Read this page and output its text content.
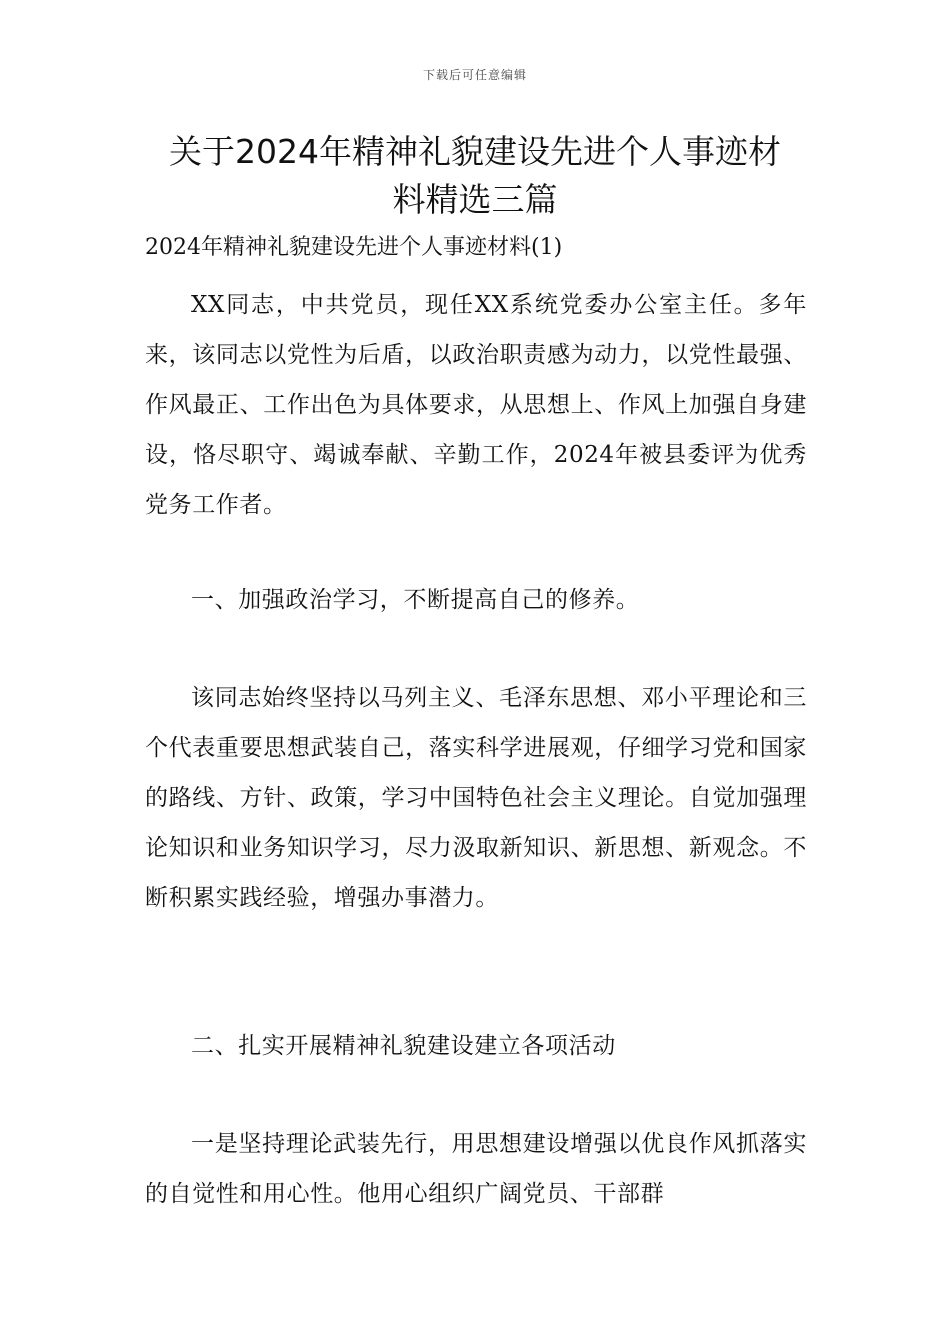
下载后可任意编辑
关于2024年精神礼貌建设先进个人事迹材
料精选三篇
2024年精神礼貌建设先进个人事迹材料(1)

XX同志，中共党员，现任XX系统党委办公室主任。多年来，该同志以党性为后盾，以政治职责感为动力，以党性最强、作风最正、工作出色为具体要求，从思想上、作风上加强自身建设，恪尽职守、竭诚奉献、辛勤工作，2024年被县委评为优秀党务工作者。

一、加强政治学习，不断提高自己的修养。

该同志始终坚持以马列主义、毛泽东思想、邓小平理论和三个代表重要思想武装自己，落实科学进展观，仔细学习党和国家的路线、方针、政策，学习中国特色社会主义理论。自觉加强理论知识和业务知识学习，尽力汲取新知识、新思想、新观念。不断积累实践经验，增强办事潜力。

二、扎实开展精神礼貌建设建立各项活动

一是坚持理论武装先行，用思想建设增强以优良作风抓落实的自觉性和用心性。他用心组织广阔党员、干部群
